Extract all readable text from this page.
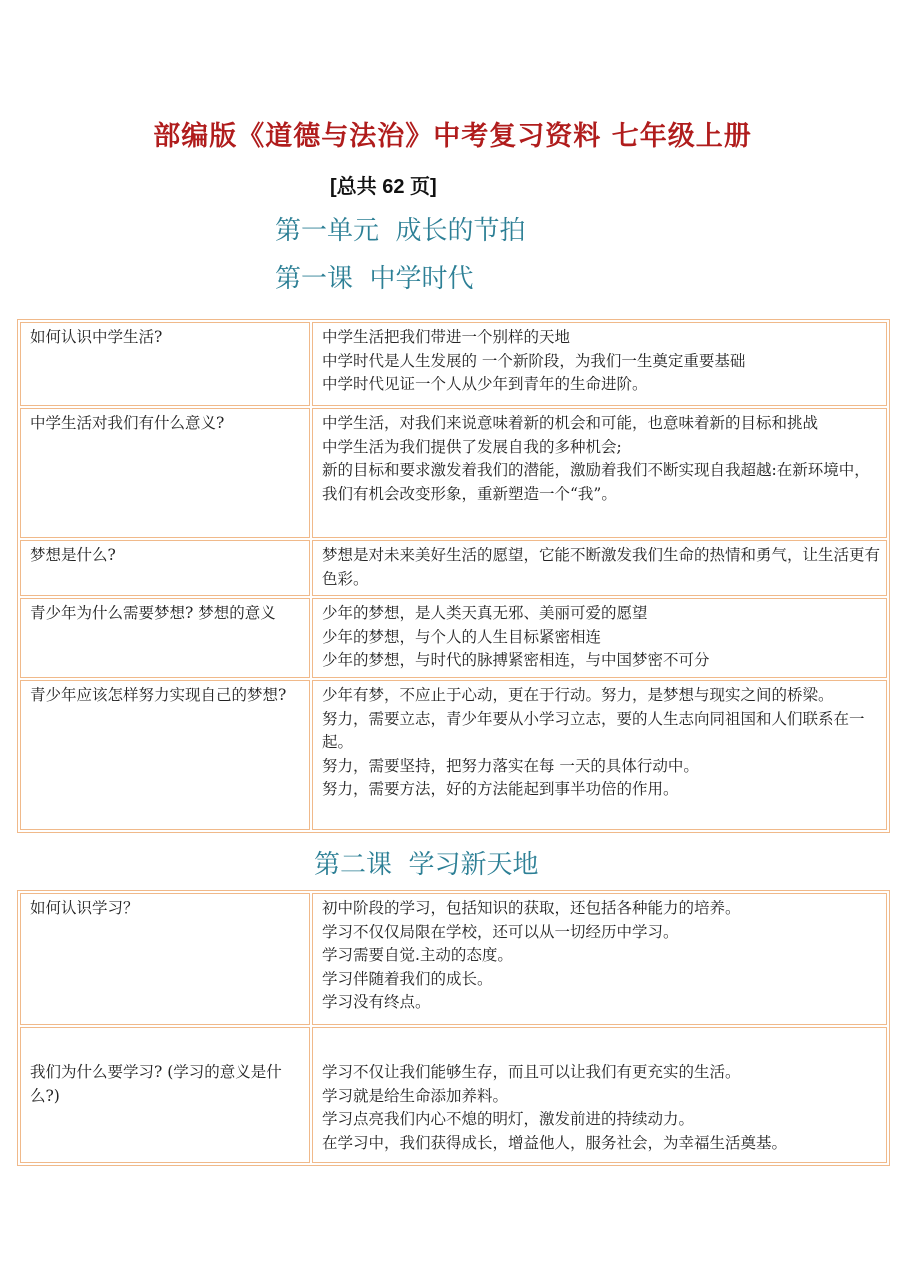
部编版《道德与法治》中考复习资料 七年级上册
[总共 62 页]
第一单元  成长的节拍
第一课  中学时代
如何认识中学生活?	中学生活把我们带进一个别样的天地
中学时代是人生发展的 一个新阶段，为我们一生奠定重要基础
中学时代见证一个人从少年到青年的生命进阶。

中学生活对我们有什么意义?	中学生活，对我们来说意味着新的机会和可能，也意味着新的目标和挑战
中学生活为我们提供了发展自我的多种机会;
新的目标和要求激发着我们的潜能，激励着我们不断实现自我超越:在新环境中，我们有机会改变形象，重新塑造一个“我”。

梦想是什么?	梦想是对未来美好生活的愿望，它能不断激发我们生命的热情和勇气，让生活更有色彩。

青少年为什么需要梦想? 梦想的意义	少年的梦想，是人类天真无邪、美丽可爱的愿望
少年的梦想，与个人的人生目标紧密相连
少年的梦想，与时代的脉搏紧密相连，与中国梦密不可分

青少年应该怎样努力实现自己的梦想?	少年有梦，不应止于心动，更在于行动。努力，是梦想与现实之间的桥梁。
努力，需要立志，青少年要从小学习立志，要的人生志向同祖国和人们联系在一起。
努力，需要坚持，把努力落实在每 一天的具体行动中。
努力，需要方法，好的方法能起到事半功倍的作用。
第二课  学习新天地
如何认识学习？	初中阶段的学习，包括知识的获取，还包括各种能力的培养。
学习不仅仅局限在学校，还可以从一切经历中学习。
学习需要自觉.主动的态度。
学习伴随着我们的成长。
学习没有终点。

我们为什么要学习? (学习的意义是什么?)	学习不仅让我们能够生存，而且可以让我们有更充实的生活。
学习就是给生命添加养料。
学习点亮我们内心不熄的明灯，激发前进的持续动力。
在学习中，我们获得成长，增益他人，服务社会，为幸福生活奠基。
